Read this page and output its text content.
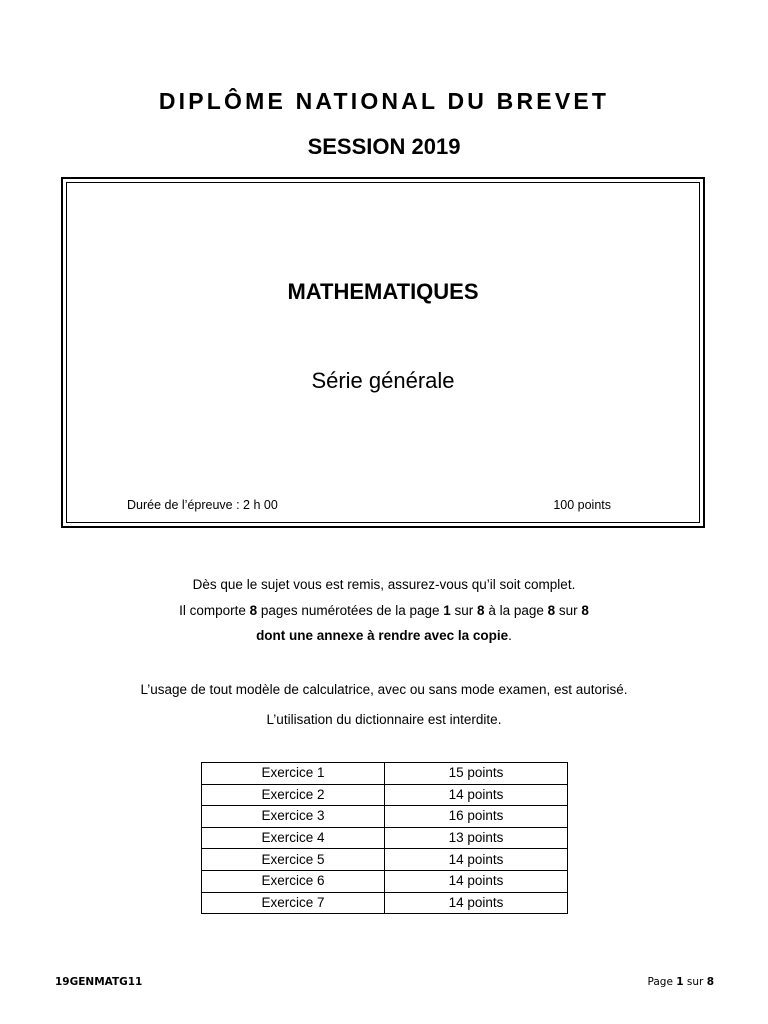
DIPLÔME NATIONAL DU BREVET
SESSION 2019
MATHEMATIQUES
Série générale
Durée de l’épreuve : 2 h 00	100 points
Dès que le sujet vous est remis, assurez-vous qu’il soit complet.
Il comporte 8 pages numérotées de la page 1 sur 8 à la page 8 sur 8
dont une annexe à rendre avec la copie.
L’usage de tout modèle de calculatrice, avec ou sans mode examen, est autorisé.
L’utilisation du dictionnaire est interdite.
Exercice 1	15 points
Exercice 2	14 points
Exercice 3	16 points
Exercice 4	13 points
Exercice 5	14 points
Exercice 6	14 points
Exercice 7	14 points
19GENMATG11	Page 1 sur 8
